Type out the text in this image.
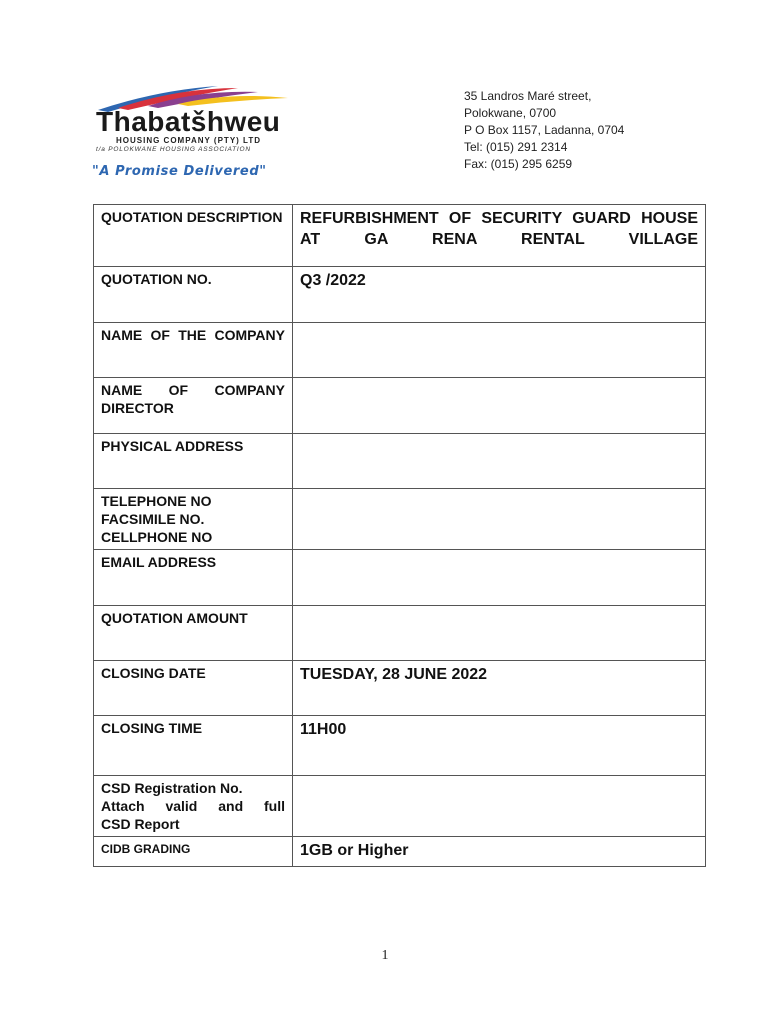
Thabatšhweu
HOUSING COMPANY (PTY) LTD
t/a POLOKWANE HOUSING ASSOCIATION
"A Promise Delivered"
35 Landros Maré street,
Polokwane, 0700
P O Box 1157, Ladanna, 0704
Tel: (015) 291 2314
Fax: (015) 295 6259
QUOTATION DESCRIPTION	REFURBISHMENT OF SECURITY GUARD HOUSE AT GA RENA RENTAL VILLAGE
QUOTATION NO.	Q3 /2022
NAME OF THE COMPANY	
NAME OF COMPANY DIRECTOR	
PHYSICAL ADDRESS	

TELEPHONE NO
FACSIMILE NO.
CELLPHONE NO	

EMAIL ADDRESS	
QUOTATION AMOUNT	
CLOSING DATE	TUESDAY, 28 JUNE 2022
CLOSING TIME	11H00

CSD Registration No.
Attach valid and full
CSD Report	

CIDB GRADING	1GB or Higher
1
